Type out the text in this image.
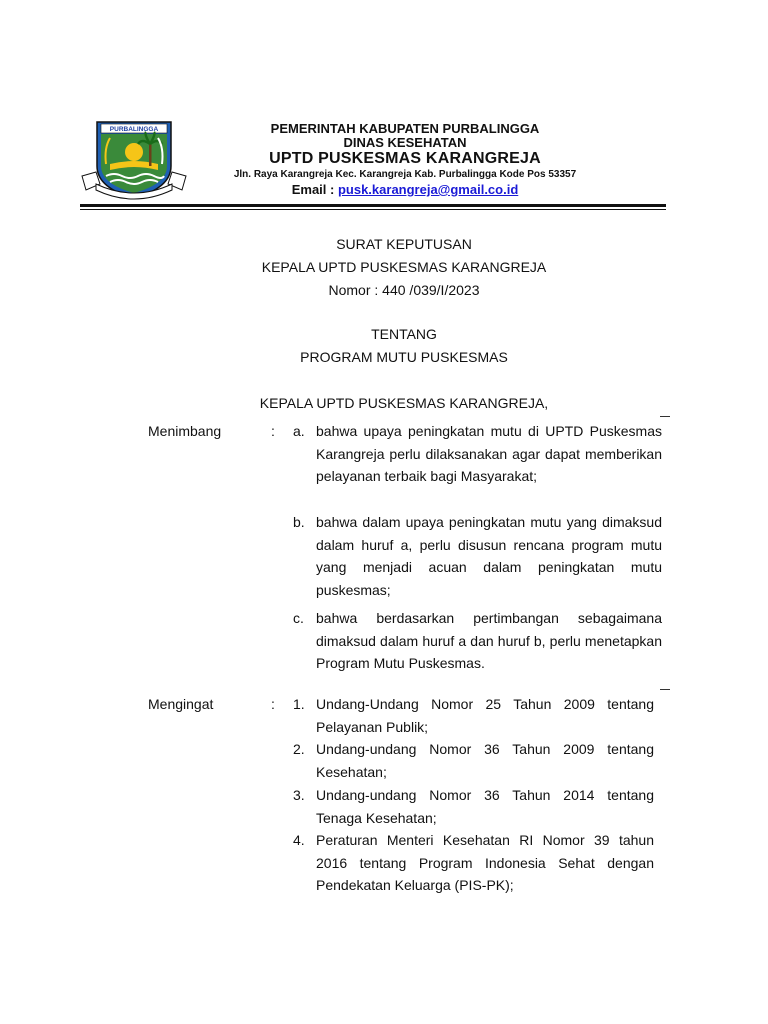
PURBALINGGA	PEMERINTAH KABUPATEN PURBALINGGA
DINAS KESEHATAN
UPTD PUSKESMAS KARANGREJA
Jln. Raya Karangreja Kec. Karangreja Kab. Purbalingga Kode Pos 53357
Email : pusk.karangreja@gmail.co.id
SURAT KEPUTUSAN
KEPALA UPTD PUSKESMAS KARANGREJA
Nomor : 440 /039/I/2023
TENTANG
PROGRAM MUTU PUSKESMAS
KEPALA UPTD PUSKESMAS KARANGREJA,
Menimbang	: a. bahwa upaya peningkatan mutu di UPTD Puskesmas Karangreja perlu dilaksanakan agar dapat memberikan pelayanan terbaik bagi Masyarakat;

b. bahwa dalam upaya peningkatan mutu yang dimaksud dalam huruf a, perlu disusun rencana program mutu yang menjadi acuan dalam peningkatan mutu puskesmas;

c. bahwa berdasarkan pertimbangan sebagaimana dimaksud dalam huruf a dan huruf b, perlu menetapkan Program Mutu Puskesmas.

Mengingat	: 1. Undang-Undang Nomor 25 Tahun 2009 tentang Pelayanan Publik;

2. Undang-undang Nomor 36 Tahun 2009 tentang Kesehatan;

3. Undang-undang Nomor 36 Tahun 2014 tentang Tenaga Kesehatan;

4. Peraturan Menteri Kesehatan RI Nomor 39 tahun 2016 tentang Program Indonesia Sehat dengan Pendekatan Keluarga (PIS-PK);
